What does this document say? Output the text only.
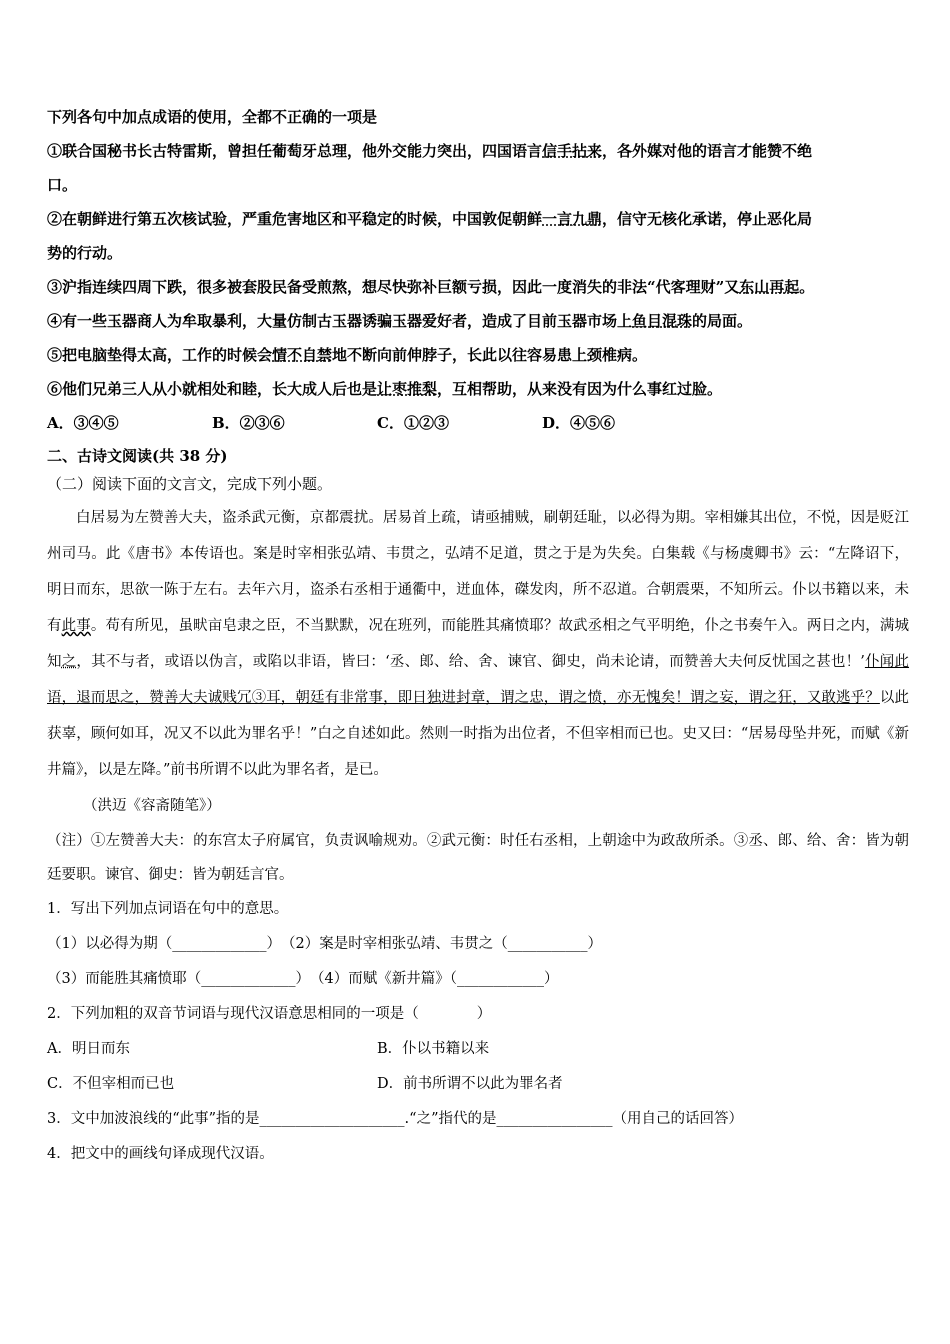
下列各句中加点成语的使用，全都不正确的一项是
①联合国秘书长古特雷斯，曾担任葡萄牙总理，他外交能力突出，四国语言信手拈来，各外媒对他的语言才能赞不绝
口。
②在朝鲜进行第五次核试验，严重危害地区和平稳定的时候，中国敦促朝鲜一言九鼎，信守无核化承诺，停止恶化局
势的行动。
③沪指连续四周下跌，很多被套股民备受煎熬，想尽快弥补巨额亏损，因此一度消失的非法“代客理财”又东山再起。
④有一些玉器商人为牟取暴利，大量仿制古玉器诱骗玉器爱好者，造成了目前玉器市场上鱼目混珠的局面。
⑤把电脑垫得太高，工作的时候会情不自禁地不断向前伸脖子，长此以往容易患上颈椎病。
⑥他们兄弟三人从小就相处和睦，长大成人后也是让枣推梨，互相帮助，从来没有因为什么事红过脸。
A．③④⑤	B．②③⑥	C．①②③	D．④⑤⑥
二、古诗文阅读(共 38 分)
（二）阅读下面的文言文，完成下列小题。

白居易为左赞善大夫，盗杀武元衡，京都震扰。居易首上疏，请亟捕贼，刷朝廷耻，以必得为期。宰相嫌其出位，不悦，因是贬江州司马。此《唐书》本传语也。案是时宰相张弘靖、韦贯之，弘靖不足道，贯之于是为失矣。白集载《与杨虞卿书》云：“左降诏下，明日而东，思欲一陈于左右。去年六月，盗杀右丞相于通衢中，迸血体，磔发肉，所不忍道。合朝震栗，不知所云。仆以书籍以来，未有此事。苟有所见，虽畎亩皂隶之臣，不当默默，况在班列，而能胜其痛愤耶？故武丞相之气平明绝，仆之书奏午入。两日之内，满城知之，其不与者，或语以伪言，或陷以非语，皆曰：‘丞、郎、给、舍、谏官、御史，尚未论请，而赞善大夫何反忧国之甚也！’仆闻此语，退而思之，赞善大夫诚贱冗③耳，朝廷有非常事，即日独进封章，谓之忠，谓之愤，亦无愧矣！谓之妄，谓之狂，又敢逃乎？以此获辜，顾何如耳，况又不以此为罪名乎！”白之自述如此。然则一时指为出位者，不但宰相而已也。史又曰：“居易母坠井死，而赋《新井篇》，以是左降。”前书所谓不以此为罪名者，是已。

（洪迈《容斋随笔》）
（注）①左赞善大夫：的东宫太子府属官，负责讽喻规劝。②武元衡：时任右丞相，上朝途中为政敌所杀。③丞、郎、给、舍：皆为朝廷要职。谏官、御史：皆为朝廷言官。
1．写出下列加点词语在句中的意思。
（1）以必得为期（_____________）　 （2）案是时宰相张弘靖、韦贯之（___________）
（3）而能胜其痛愤耶（_____________）　 （4）而赋《新井篇》（____________）
2．下列加粗的双音节词语与现代汉语意思相同的一项是（　　　　）
A．明日而东	B．仆以书籍以来
C．不但宰相而已也	D．前书所谓不以此为罪名者
3．文中加波浪线的“此事”指的是____________________.“之”指代的是________________（用自己的话回答）
4．把文中的画线句译成现代汉语。
